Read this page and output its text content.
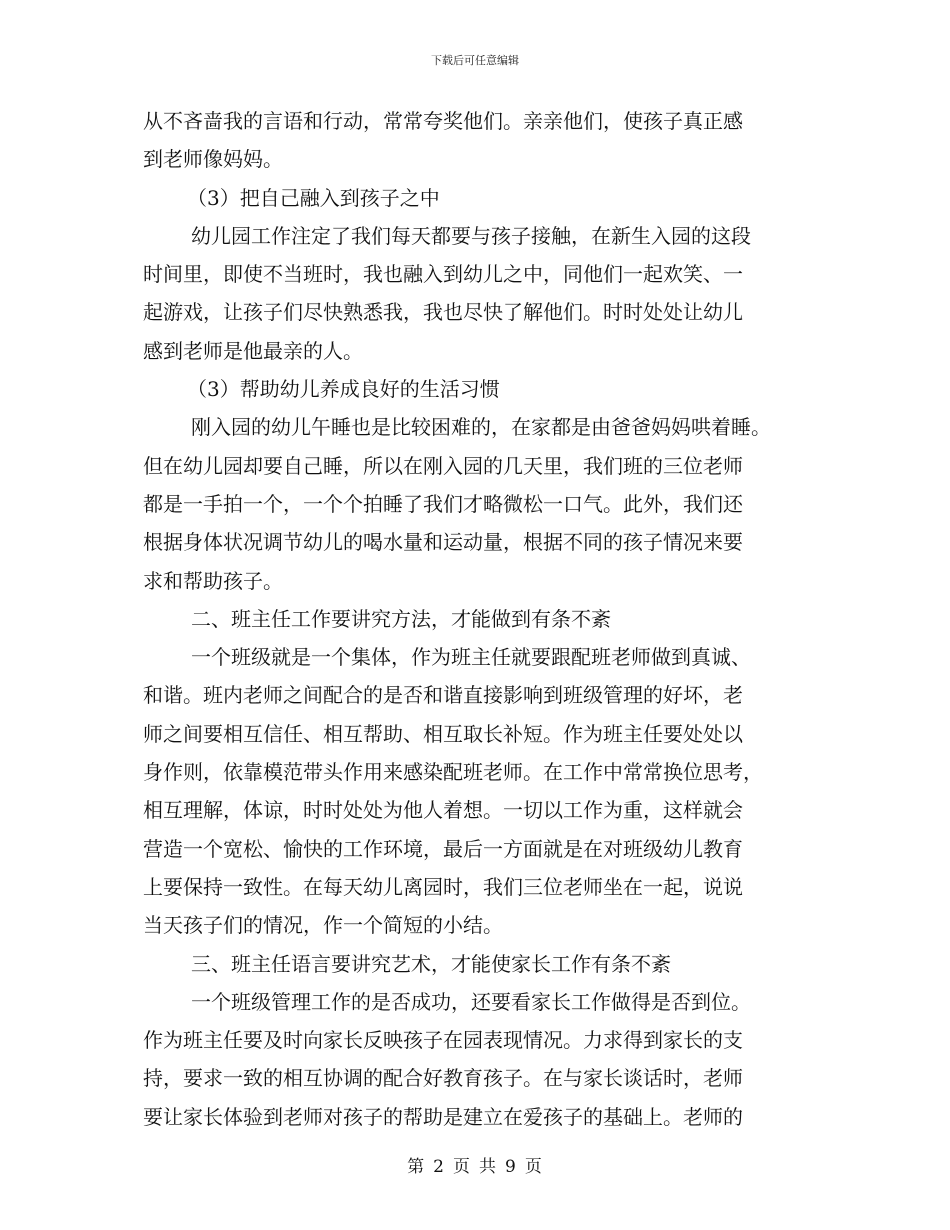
下载后可任意编辑
从不吝啬我的言语和行动，常常夸奖他们。亲亲他们，使孩子真正感
到老师像妈妈。
（3）把自己融入到孩子之中
幼儿园工作注定了我们每天都要与孩子接触，在新生入园的这段
时间里，即使不当班时，我也融入到幼儿之中，同他们一起欢笑、一
起游戏，让孩子们尽快熟悉我，我也尽快了解他们。时时处处让幼儿
感到老师是他最亲的人。
（3）帮助幼儿养成良好的生活习惯
刚入园的幼儿午睡也是比较困难的，在家都是由爸爸妈妈哄着睡。
但在幼儿园却要自己睡，所以在刚入园的几天里，我们班的三位老师
都是一手拍一个，一个个拍睡了我们才略微松一口气。此外，我们还
根据身体状况调节幼儿的喝水量和运动量，根据不同的孩子情况来要
求和帮助孩子。
二、班主任工作要讲究方法，才能做到有条不紊
一个班级就是一个集体，作为班主任就要跟配班老师做到真诚、
和谐。班内老师之间配合的是否和谐直接影响到班级管理的好坏，老
师之间要相互信任、相互帮助、相互取长补短。作为班主任要处处以
身作则，依靠模范带头作用来感染配班老师。在工作中常常换位思考，
相互理解，体谅，时时处处为他人着想。一切以工作为重，这样就会
营造一个宽松、愉快的工作环境，最后一方面就是在对班级幼儿教育
上要保持一致性。在每天幼儿离园时，我们三位老师坐在一起，说说
当天孩子们的情况，作一个简短的小结。
三、班主任语言要讲究艺术，才能使家长工作有条不紊
一个班级管理工作的是否成功，还要看家长工作做得是否到位。
作为班主任要及时向家长反映孩子在园表现情况。力求得到家长的支
持，要求一致的相互协调的配合好教育孩子。在与家长谈话时，老师
要让家长体验到老师对孩子的帮助是建立在爱孩子的基础上。老师的
第 2 页 共 9 页
